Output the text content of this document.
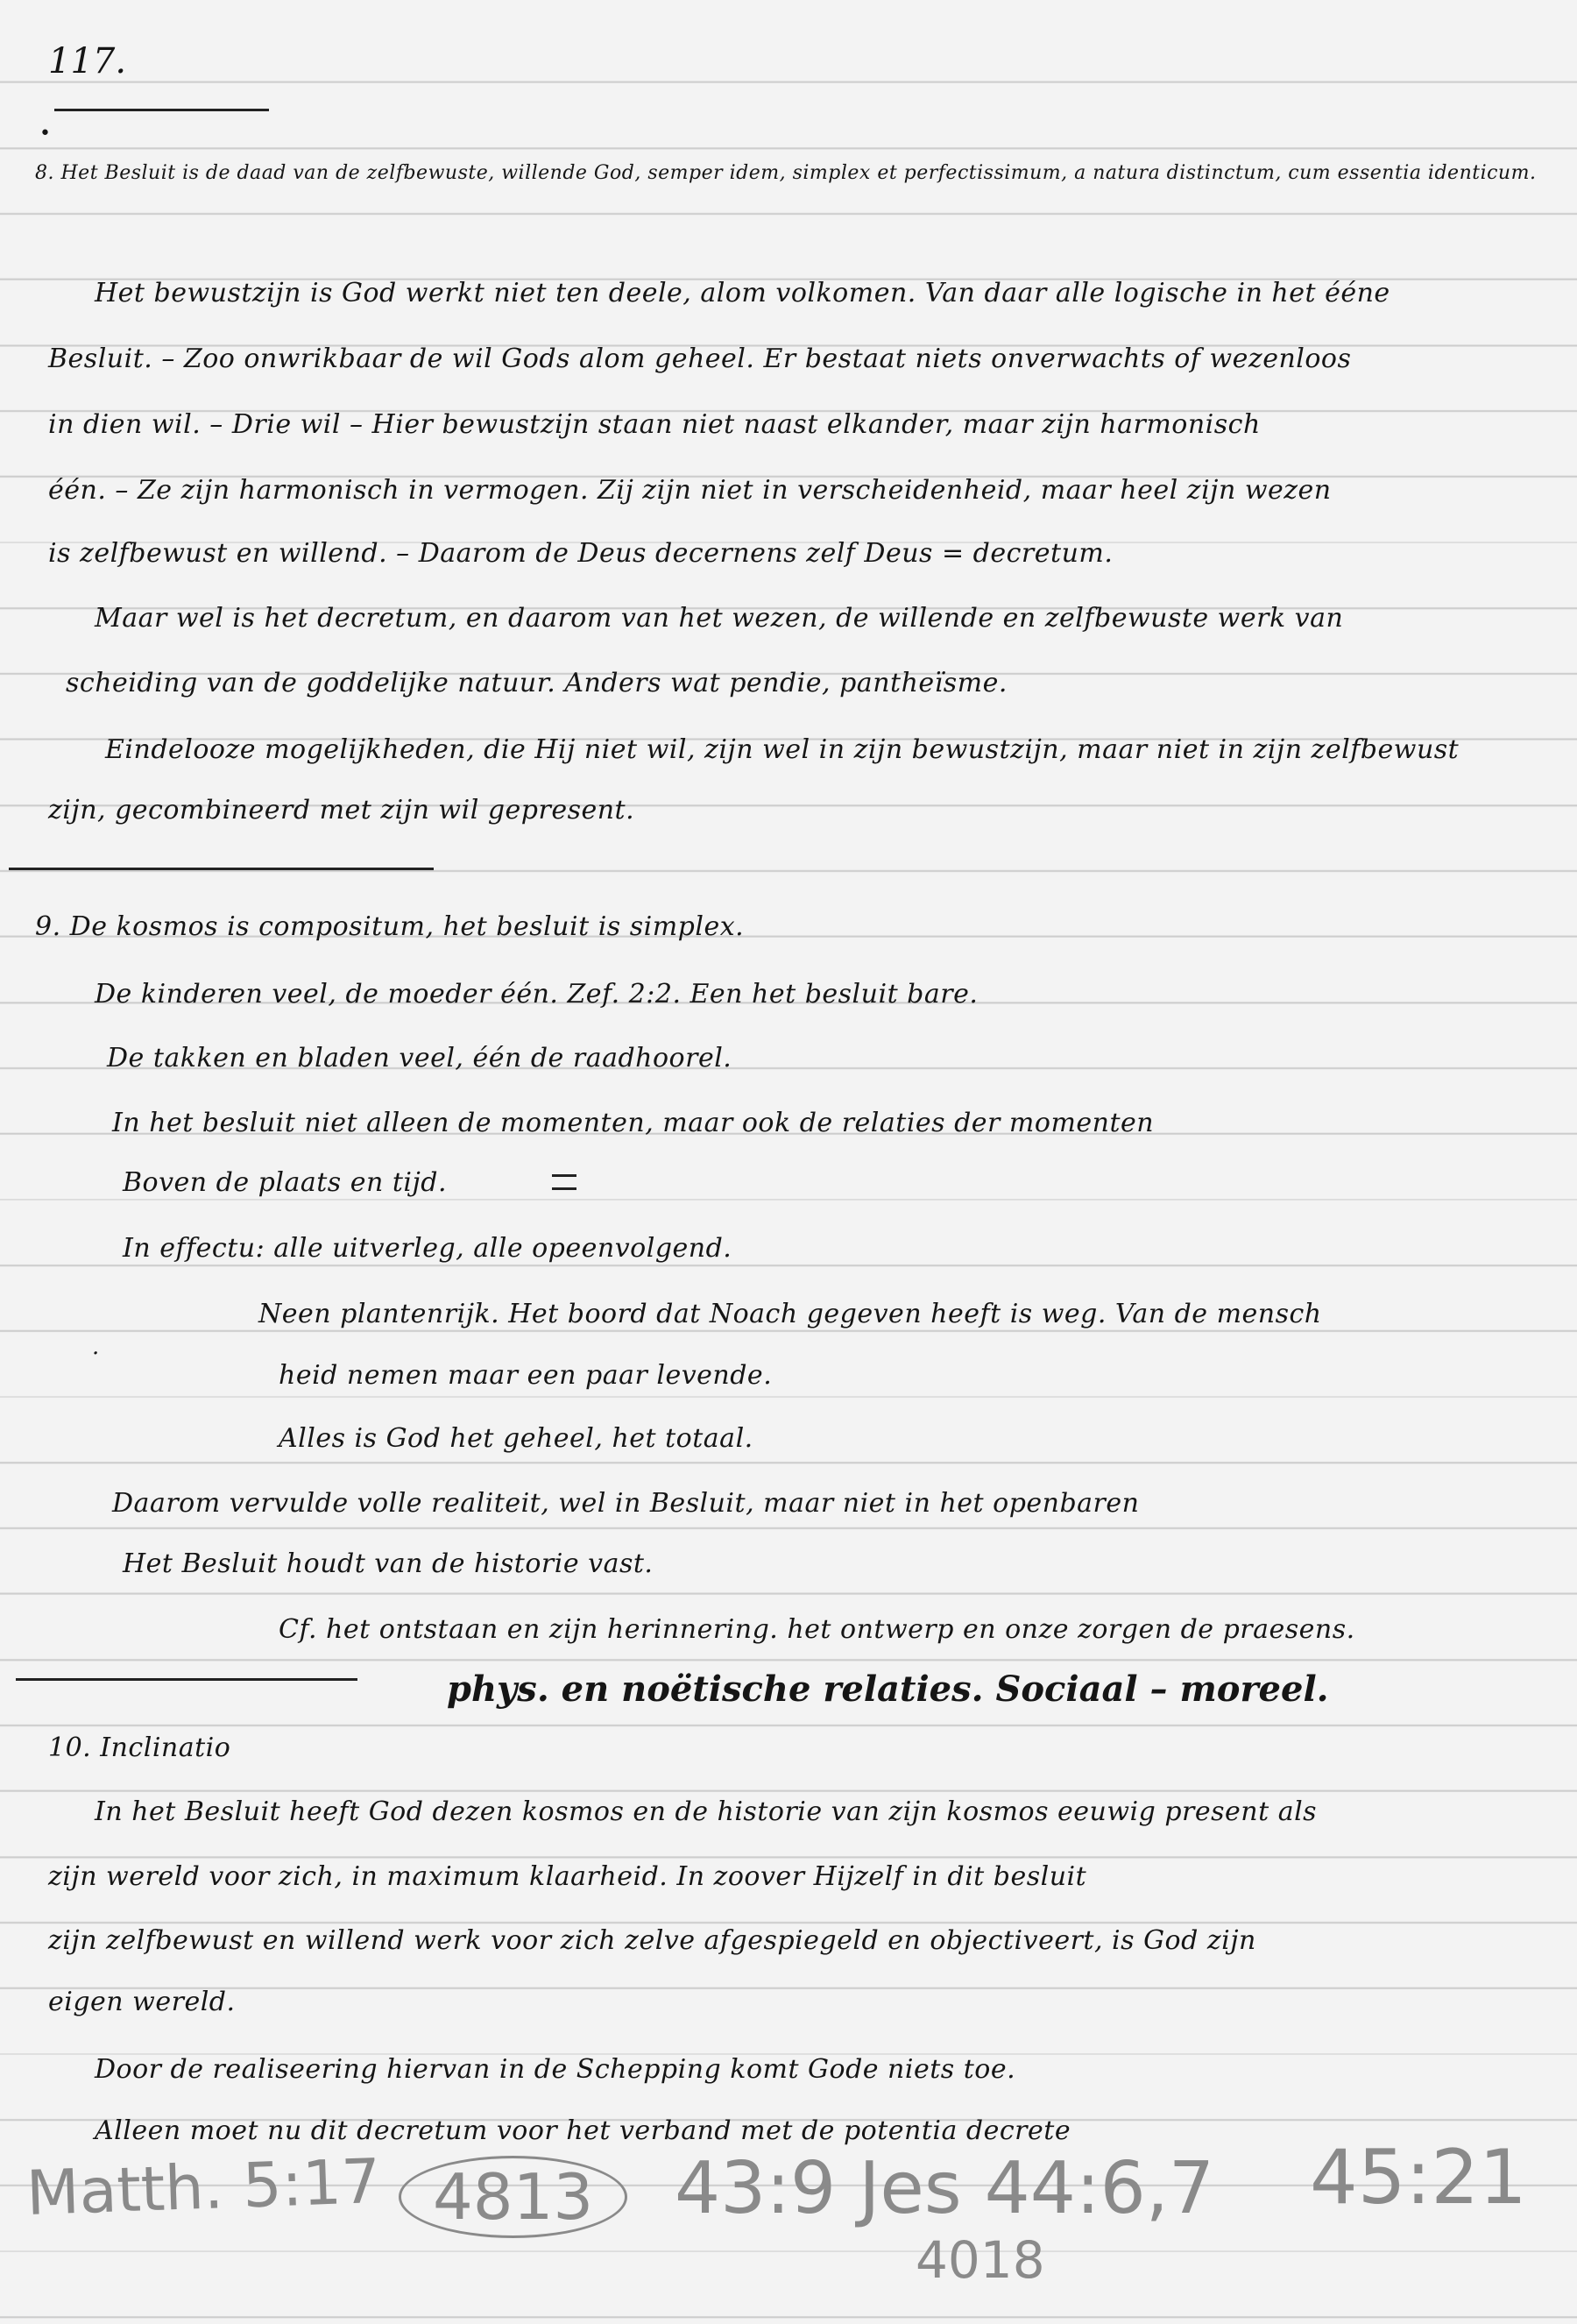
117.
•
8. Het Besluit is de daad van de zelfbewuste, willende God, semper idem, simplex et perfectissimum, a natura distinctum, cum essentia identicum.
Het bewustzijn is God werkt niet ten deele, alom volkomen. Van daar alle logische in het ééne
Besluit. – Zoo onwrikbaar de wil Gods alom geheel. Er bestaat niets onverwachts of wezenloos
in dien wil. – Drie wil – Hier bewustzijn staan niet naast elkander, maar zijn harmonisch
één. – Ze zijn harmonisch in vermogen. Zij zijn niet in verscheidenheid, maar heel zijn wezen
is zelfbewust en willend. – Daarom de Deus decernens zelf Deus = decretum.
Maar wel is het decretum, en daarom van het wezen, de willende en zelfbewuste werk van
scheiding van de goddelijke natuur. Anders wat pendie, pantheïsme.
Eindelooze mogelijkheden, die Hij niet wil, zijn wel in zijn bewustzijn, maar niet in zijn zelfbewust
zijn, gecombineerd met zijn wil gepresent.
9. De kosmos is compositum, het besluit is simplex.
De kinderen veel, de moeder één. Zef. 2:2. Een het besluit bare.
De takken en bladen veel, één de raadhoorel.
In het besluit niet alleen de momenten, maar ook de relaties der momenten
Boven de plaats en tijd.
In effectu: alle uitverleg, alle opeenvolgend.
Neen plantenrijk. Het boord dat Noach gegeven heeft is weg. Van de mensch
·
heid nemen maar een paar levende.
Alles is God het geheel, het totaal.
Daarom vervulde volle realiteit, wel in Besluit, maar niet in het openbaren
Het Besluit houdt van de historie vast.
Cf. het ontstaan en zijn herinnering. het ontwerp en onze zorgen de praesens.
phys. en noëtische relaties. Sociaal – moreel.
10. Inclinatio
In het Besluit heeft God dezen kosmos en de historie van zijn kosmos eeuwig present als
zijn wereld voor zich, in maximum klaarheid. In zoover Hijzelf in dit besluit
zijn zelfbewust en willend werk voor zich zelve afgespiegeld en objectiveert, is God zijn
eigen wereld.
Door de realiseering hiervan in de Schepping komt Gode niets toe.
Alleen moet nu dit decretum voor het verband met de potentia decrete
Matth. 5:17 4813	43:9 Jes 44:6,7 45:21
4018
